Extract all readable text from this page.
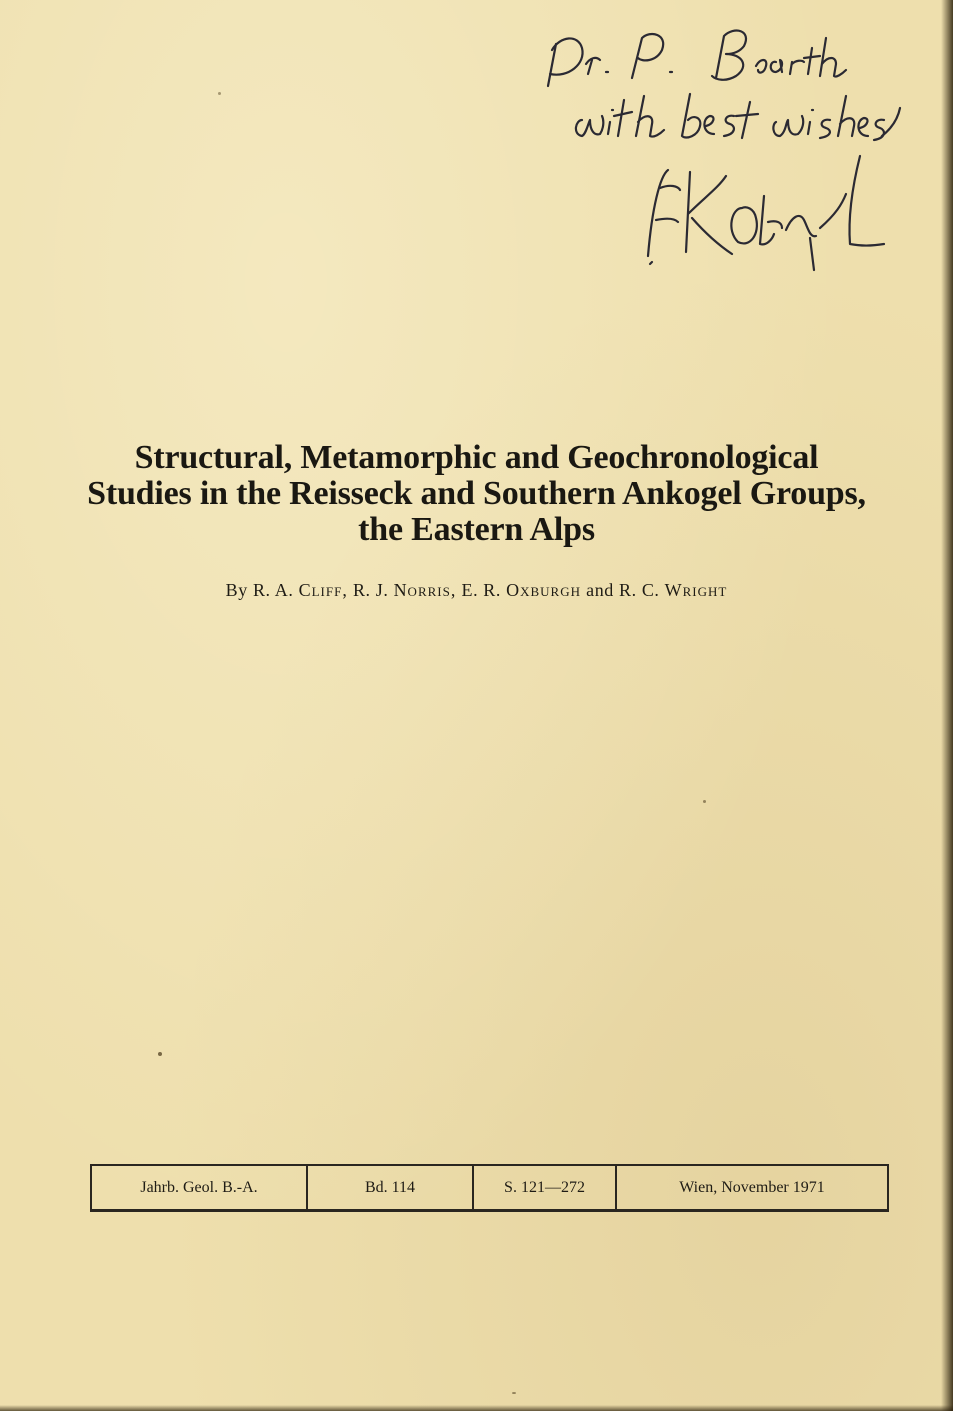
Structural, Metamorphic and Geochronological
Studies in the Reisseck and Southern Ankogel Groups,
the Eastern Alps
By R. A. Cliff, R. J. Norris, E. R. Oxburgh and R. C. Wright
Jahrb. Geol. B.-A.	Bd. 114	S. 121—272	Wien, November 1971
